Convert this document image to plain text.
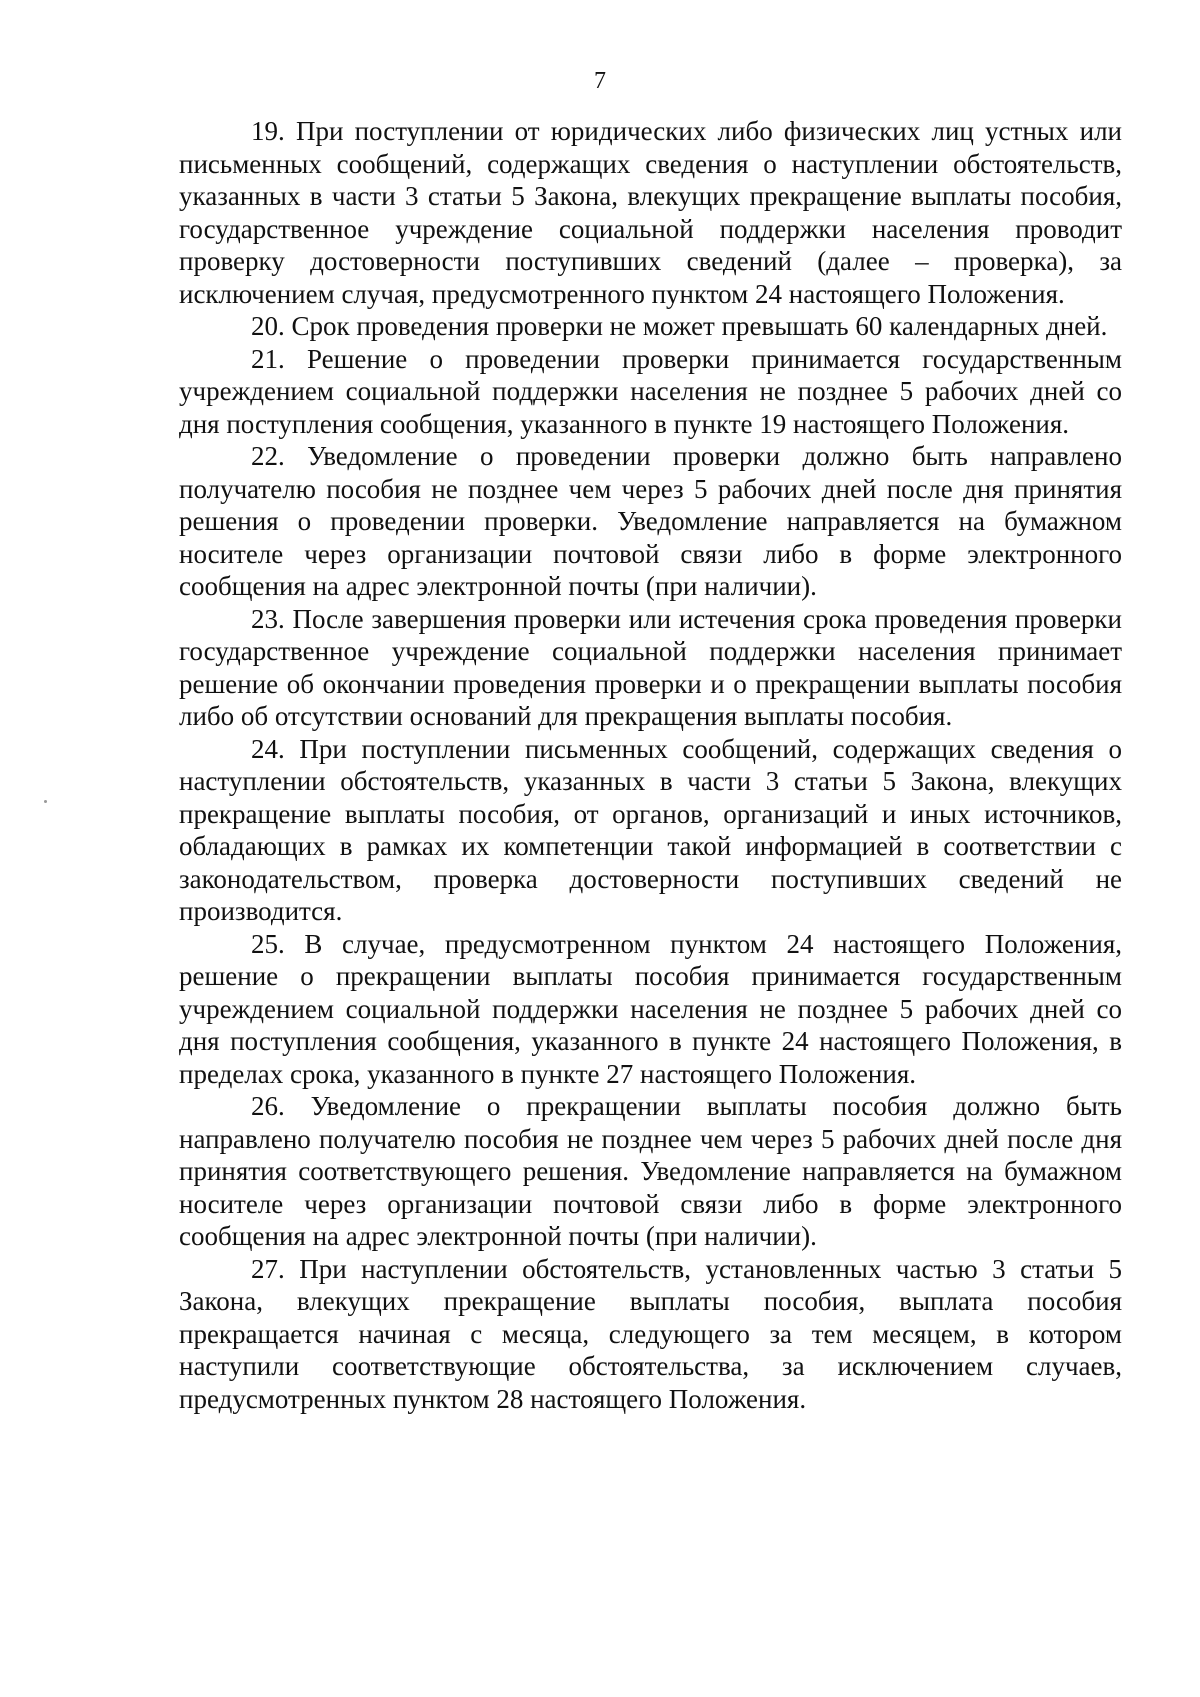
7

19. При поступлении от юридических либо физических лиц устных или письменных сообщений, содержащих сведения о наступлении обстоятельств, указанных в части 3 статьи 5 Закона, влекущих прекращение выплаты пособия, государственное учреждение социальной поддержки населения проводит проверку достоверности поступивших сведений (далее – проверка), за исключением случая, предусмотренного пунктом 24 настоящего Положения.

20. Срок проведения проверки не может превышать 60 календарных дней.

21. Решение о проведении проверки принимается государственным учреждением социальной поддержки населения не позднее 5 рабочих дней со дня поступления сообщения, указанного в пункте 19 настоящего Положения.

22. Уведомление о проведении проверки должно быть направлено получателю пособия не позднее чем через 5 рабочих дней после дня принятия решения о проведении проверки. Уведомление направляется на бумажном носителе через организации почтовой связи либо в форме электронного сообщения на адрес электронной почты (при наличии).

23. После завершения проверки или истечения срока проведения проверки государственное учреждение социальной поддержки населения принимает решение об окончании проведения проверки и о прекращении выплаты пособия либо об отсутствии оснований для прекращения выплаты пособия.

24. При поступлении письменных сообщений, содержащих сведения о наступлении обстоятельств, указанных в части 3 статьи 5 Закона, влекущих прекращение выплаты пособия, от органов, организаций и иных источников, обладающих в рамках их компетенции такой информацией в соответствии с законодательством, проверка достоверности поступивших сведений не производится.

25. В случае, предусмотренном пунктом 24 настоящего Положения, решение о прекращении выплаты пособия принимается государственным учреждением социальной поддержки населения не позднее 5 рабочих дней со дня поступления сообщения, указанного в пункте 24 настоящего Положения, в пределах срока, указанного в пункте 27 настоящего Положения.

26. Уведомление о прекращении выплаты пособия должно быть направлено получателю пособия не позднее чем через 5 рабочих дней после дня принятия соответствующего решения. Уведомление направляется на бумажном носителе через организации почтовой связи либо в форме электронного сообщения на адрес электронной почты (при наличии).

27. При наступлении обстоятельств, установленных частью 3 статьи 5 Закона, влекущих прекращение выплаты пособия, выплата пособия прекращается начиная с месяца, следующего за тем месяцем, в котором наступили соответствующие обстоятельства, за исключением случаев, предусмотренных пунктом 28 настоящего Положения.
